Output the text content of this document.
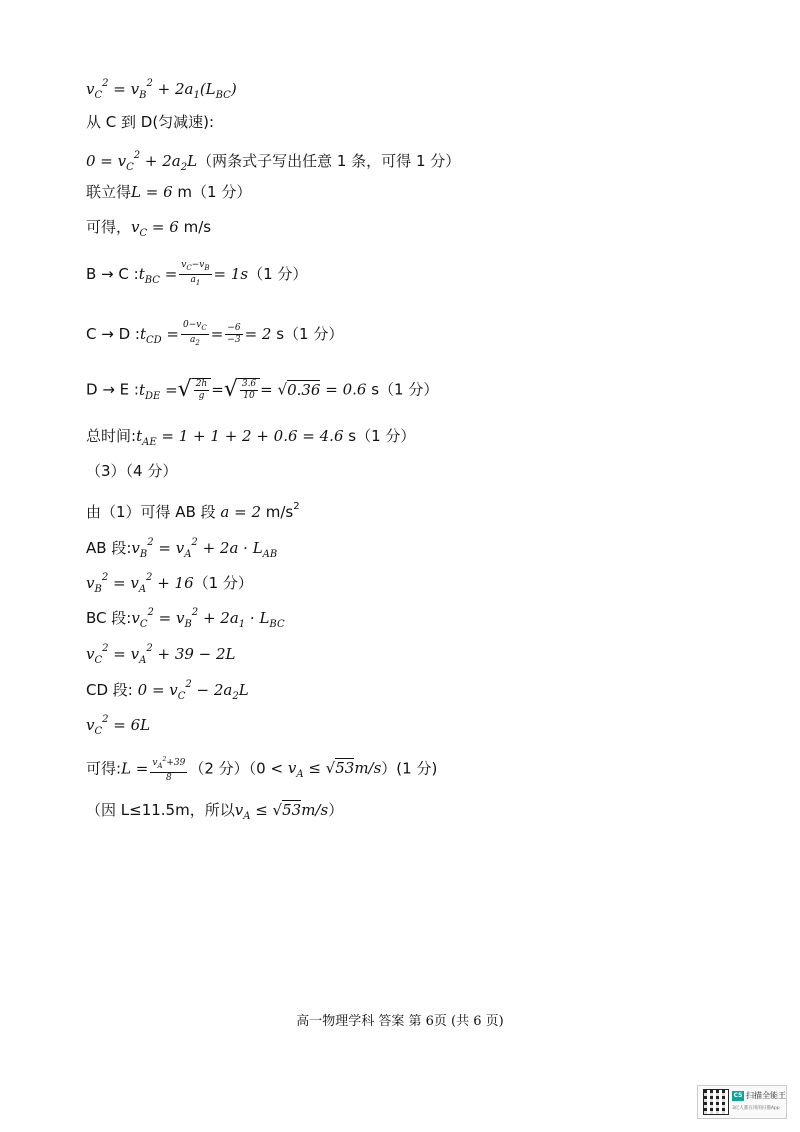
$v_C^2 = v_B^2 + 2a_1(L_{BC})$
从 C 到 D(匀减速):
$0 = v_C^2 + 2a_2L$（两条式子写出任意 1 条，可得 1 分）
联立得L = 6 m（1 分）
可得，$v_C = 6$ m/s
B → C $:t_{BC} = \frac{v_C-v_B}{a_1} = 1s(1$ 分）
C → D $:t_{CD} = \frac{0-v_C}{a_2} = \frac{-6}{-3} = 2$ s（1 分）
D → E $:t_{DE}$ =√ $\frac{2h}{g}$ =√ $\frac{3.6}{10} = √0.36 = 0.6$ s（1 分）
总时间$:t_{AE} = 1 + 1 + 2 + 0.6 = 4.6$ s（1 分）
（3）（4 分）
由（1）可得 AB 段 a = 2 $m/s^2$
AB 段$:v_B^2 = v_A^2 + 2a \cdot L_{AB}$
$v_B^2 = v_A^2 + 16(1$ 分）
BC 段$:v_C^2 = v_B^2 + 2a_1 \cdot L_{BC}$
$v_C^2 = v_A^2 + 39 - 2L$
CD 段: $0 = v_C^2 - 2a_2L$
$v_C^2 = 6L$
可得:L = $\frac{v_A^2+39}{8} (2$ 分）$(0 < v_A \le √53m/s)(1$ 分)
（因 L≤11.5m，所以$v_A \le √53m/s$）
高一物理学科 答案 第 6页 (共 6 页)
CS 扫描全能王
3亿人都在用的扫描App
